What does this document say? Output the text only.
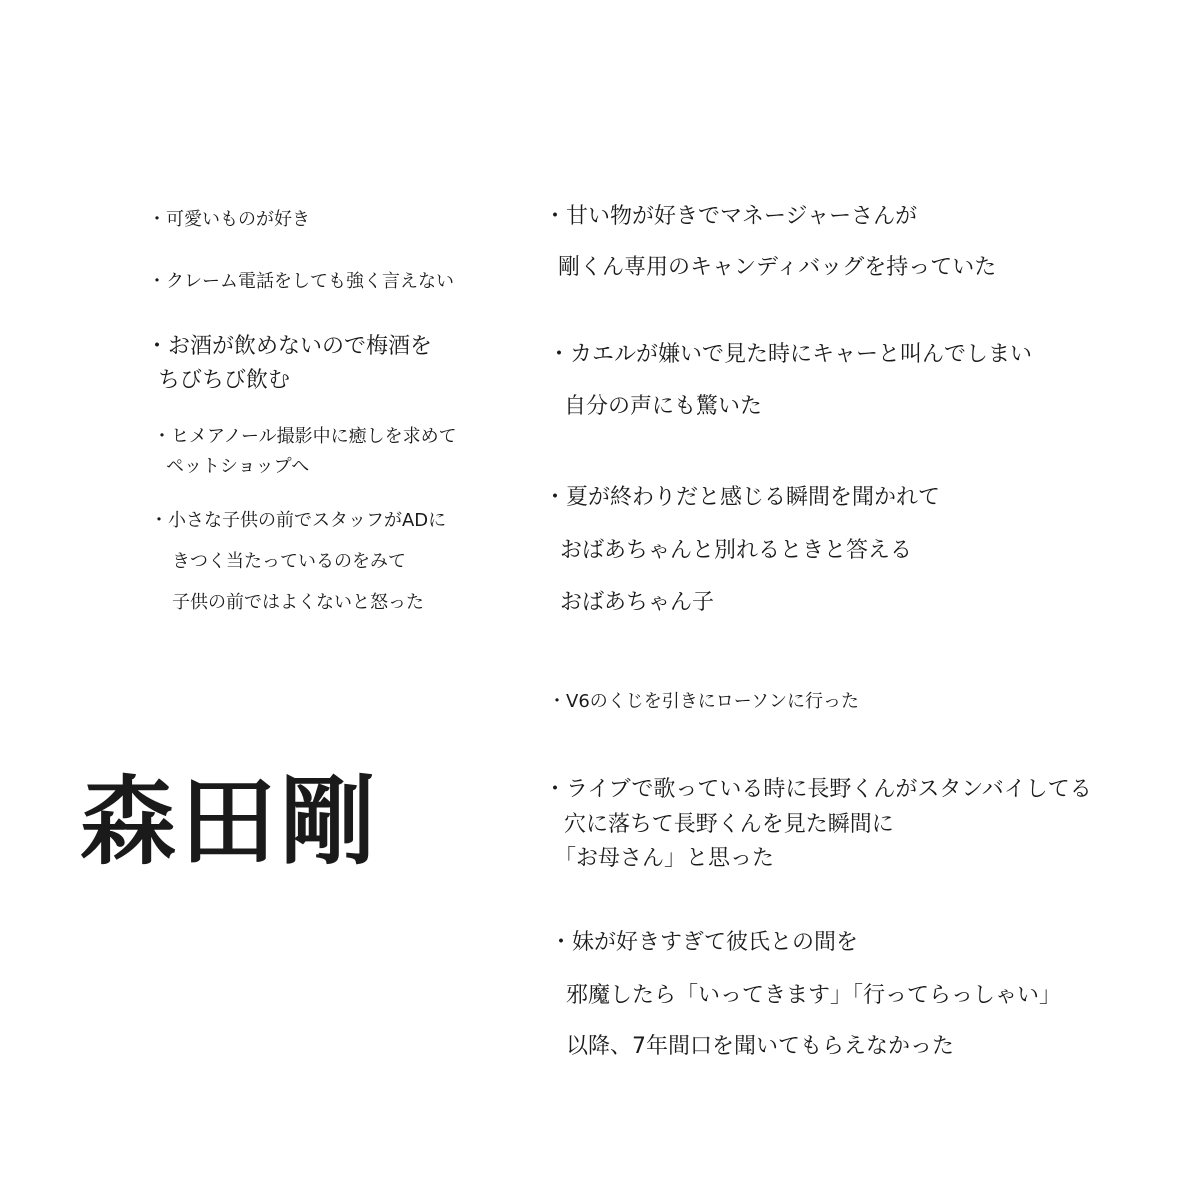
・可愛いものが好き

・クレーム電話をしても強く言えない

・お酒が飲めないので梅酒を

ちびちび飲む

・ヒメアノール撮影中に癒しを求めて

ペットショップへ

・小さな子供の前でスタッフがADに

きつく当たっているのをみて

子供の前ではよくないと怒った

森田剛

・甘い物が好きでマネージャーさんが

剛くん専用のキャンディバッグを持っていた

・カエルが嫌いで見た時にキャーと叫んでしまい

自分の声にも驚いた

・夏が終わりだと感じる瞬間を聞かれて

おばあちゃんと別れるときと答える

おばあちゃん子

・V6のくじを引きにローソンに行った

・ライブで歌っている時に長野くんがスタンバイしてる

穴に落ちて長野くんを見た瞬間に

「お母さん」と思った

・妹が好きすぎて彼氏との間を

邪魔したら「いってきます」「行ってらっしゃい」

以降、7年間口を聞いてもらえなかった
